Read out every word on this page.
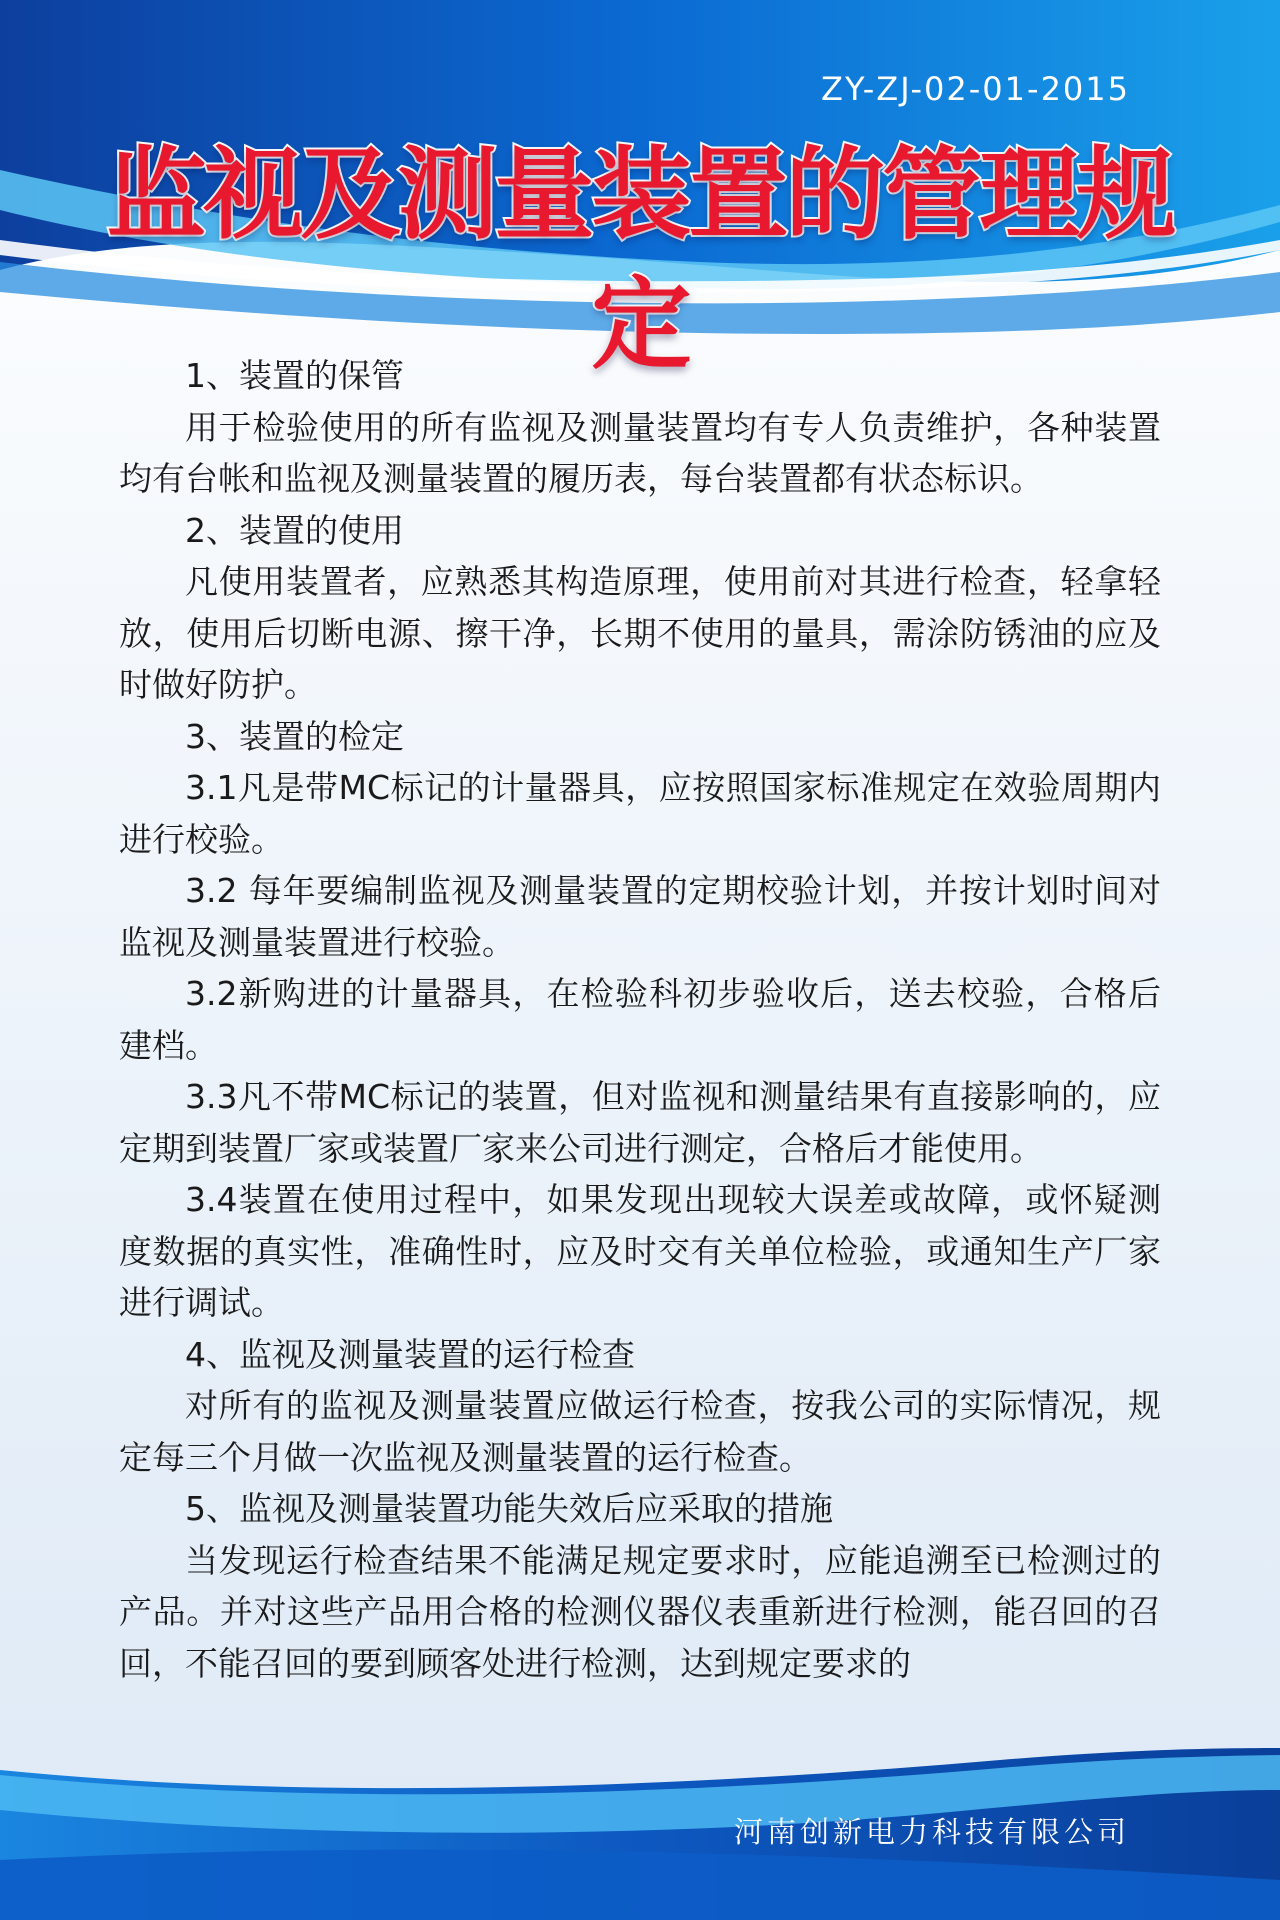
ZY-ZJ-02-01-2015

监视及测量装置的管理规定

1、装置的保管

用于检验使用的所有监视及测量装置均有专人负责维护，各种装置均有台帐和监视及测量装置的履历表，每台装置都有状态标识。

2、装置的使用

凡使用装置者，应熟悉其构造原理，使用前对其进行检查，轻拿轻放，使用后切断电源、擦干净，长期不使用的量具，需涂防锈油的应及时做好防护。

3、装置的检定

3.1凡是带MC标记的计量器具，应按照国家标准规定在效验周期内进行校验。

3.2 每年要编制监视及测量装置的定期校验计划，并按计划时间对监视及测量装置进行校验。

3.2新购进的计量器具，在检验科初步验收后，送去校验，合格后建档。

3.3凡不带MC标记的装置，但对监视和测量结果有直接影响的，应定期到装置厂家或装置厂家来公司进行测定，合格后才能使用。

3.4装置在使用过程中，如果发现出现较大误差或故障，或怀疑测度数据的真实性，准确性时，应及时交有关单位检验，或通知生产厂家进行调试。

4、监视及测量装置的运行检查

对所有的监视及测量装置应做运行检查，按我公司的实际情况，规定每三个月做一次监视及测量装置的运行检查。

5、监视及测量装置功能失效后应采取的措施

当发现运行检查结果不能满足规定要求时，应能追溯至已检测过的产品。并对这些产品用合格的检测仪器仪表重新进行检测，能召回的召回，不能召回的要到顾客处进行检测，达到规定要求的

河南创新电力科技有限公司
